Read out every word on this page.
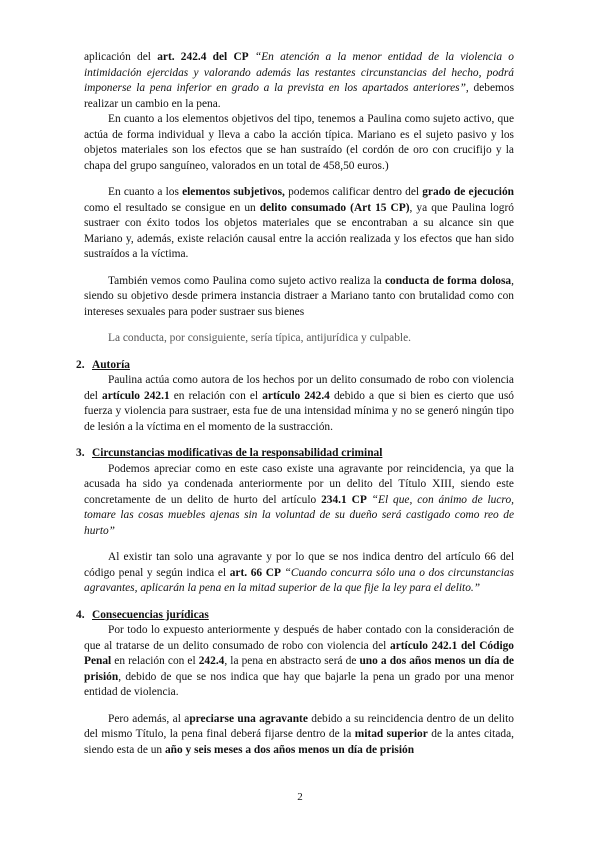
aplicación del art. 242.4 del CP “En atención a la menor entidad de la violencia o intimidación ejercidas y valorando además las restantes circunstancias del hecho, podrá imponerse la pena inferior en grado a la prevista en los apartados anteriores”, debemos realizar un cambio en la pena.

En cuanto a los elementos objetivos del tipo, tenemos a Paulina como sujeto activo, que actúa de forma individual y lleva a cabo la acción típica. Mariano es el sujeto pasivo y los objetos materiales son los efectos que se han sustraído (el cordón de oro con crucifijo y la chapa del grupo sanguíneo, valorados en un total de 458,50 euros.)

En cuanto a los elementos subjetivos, podemos calificar dentro del grado de ejecución como el resultado se consigue en un delito consumado (Art 15 CP), ya que Paulina logró sustraer con éxito todos los objetos materiales que se encontraban a su alcance sin que Mariano y, además, existe relación causal entre la acción realizada y los efectos que han sido sustraídos a la víctima.

También vemos como Paulina como sujeto activo realiza la conducta de forma dolosa, siendo su objetivo desde primera instancia distraer a Mariano tanto con brutalidad como con intereses sexuales para poder sustraer sus bienes

La conducta, por consiguiente, sería típica, antijurídica y culpable.

2. Autoría

Paulina actúa como autora de los hechos por un delito consumado de robo con violencia del artículo 242.1 en relación con el artículo 242.4 debido a que si bien es cierto que usó fuerza y violencia para sustraer, esta fue de una intensidad mínima y no se generó ningún tipo de lesión a la víctima en el momento de la sustracción.

3. Circunstancias modificativas de la responsabilidad criminal

Podemos apreciar como en este caso existe una agravante por reincidencia, ya que la acusada ha sido ya condenada anteriormente por un delito del Título XIII, siendo este concretamente de un delito de hurto del artículo 234.1 CP “El que, con ánimo de lucro, tomare las cosas muebles ajenas sin la voluntad de su dueño será castigado como reo de hurto”

Al existir tan solo una agravante y por lo que se nos indica dentro del artículo 66 del código penal y según indica el art. 66 CP “Cuando concurra sólo una o dos circunstancias agravantes, aplicarán la pena en la mitad superior de la que fije la ley para el delito.”

4. Consecuencias jurídicas

Por todo lo expuesto anteriormente y después de haber contado con la consideración de que al tratarse de un delito consumado de robo con violencia del artículo 242.1 del Código Penal en relación con el 242.4, la pena en abstracto será de uno a dos años menos un día de prisión, debido de que se nos indica que hay que bajarle la pena un grado por una menor entidad de violencia.

Pero además, al apreciarse una agravante debido a su reincidencia dentro de un delito del mismo Título, la pena final deberá fijarse dentro de la mitad superior de la antes citada, siendo esta de un año y seis meses a dos años menos un día de prisión

2
